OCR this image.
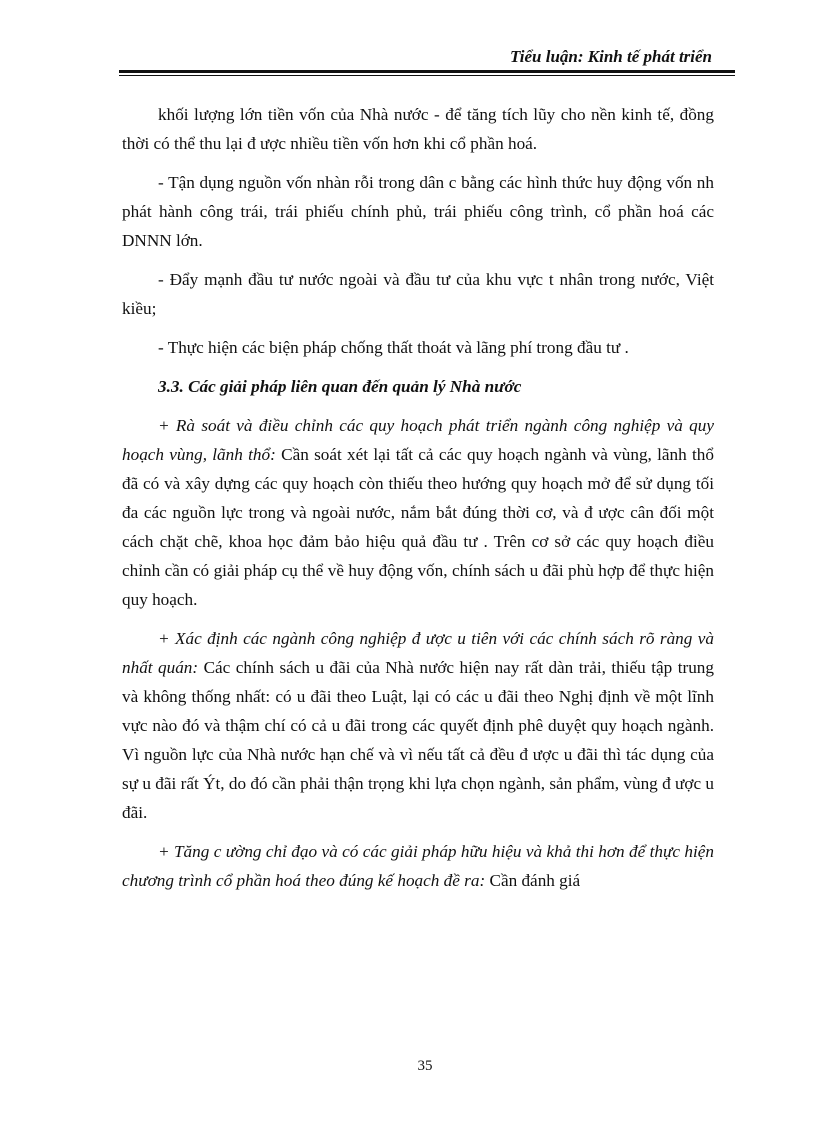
Tiểu luận: Kinh tế phát triển

khối lượng lớn tiền vốn của Nhà nước - để tăng tích lũy cho nền kinh tế, đồng thời có thể thu lại đ ược nhiều tiền vốn hơn khi cổ phần hoá.

- Tận dụng nguồn vốn nhàn rỗi trong dân c bằng các hình thức huy động vốn nh phát hành công trái, trái phiếu chính phủ, trái phiếu công trình, cổ phần hoá các DNNN lớn.

- Đẩy mạnh đầu tư nước ngoài và đầu tư của khu vực t nhân trong nước, Việt kiều;

- Thực hiện các biện pháp chống thất thoát và lãng phí trong đầu tư .

3.3. Các giải pháp liên quan đến quản lý Nhà nước

+ Rà soát và điều chỉnh các quy hoạch phát triển ngành công nghiệp và quy hoạch vùng, lãnh thổ: Cần soát xét lại tất cả các quy hoạch ngành và vùng, lãnh thổ đã có và xây dựng các quy hoạch còn thiếu theo hướng quy hoạch mở để sử dụng tối đa các nguồn lực trong và ngoài nước, nắm bắt đúng thời cơ, và đ ược cân đối một cách chặt chẽ, khoa học đảm bảo hiệu quả đầu tư . Trên cơ sở các quy hoạch điều chỉnh cần có giải pháp cụ thể về huy động vốn, chính sách u đãi phù hợp để thực hiện quy hoạch.

+ Xác định các ngành công nghiệp đ ược u tiên với các chính sách rõ ràng và nhất quán: Các chính sách u đãi của Nhà nước hiện nay rất dàn trải, thiếu tập trung và không thống nhất: có u đãi theo Luật, lại có các u đãi theo Nghị định về một lĩnh vực nào đó và thậm chí có cả u đãi trong các quyết định phê duyệt quy hoạch ngành. Vì nguồn lực của Nhà nước hạn chế và vì nếu tất cả đều đ ược u đãi thì tác dụng của sự u đãi rất Ýt, do đó cần phải thận trọng khi lựa chọn ngành, sản phẩm, vùng đ ược u đãi.

+ Tăng c ường chỉ đạo và có các giải pháp hữu hiệu và khả thi hơn để thực hiện chương trình cổ phần hoá theo đúng kế hoạch đề ra: Cần đánh giá

35
